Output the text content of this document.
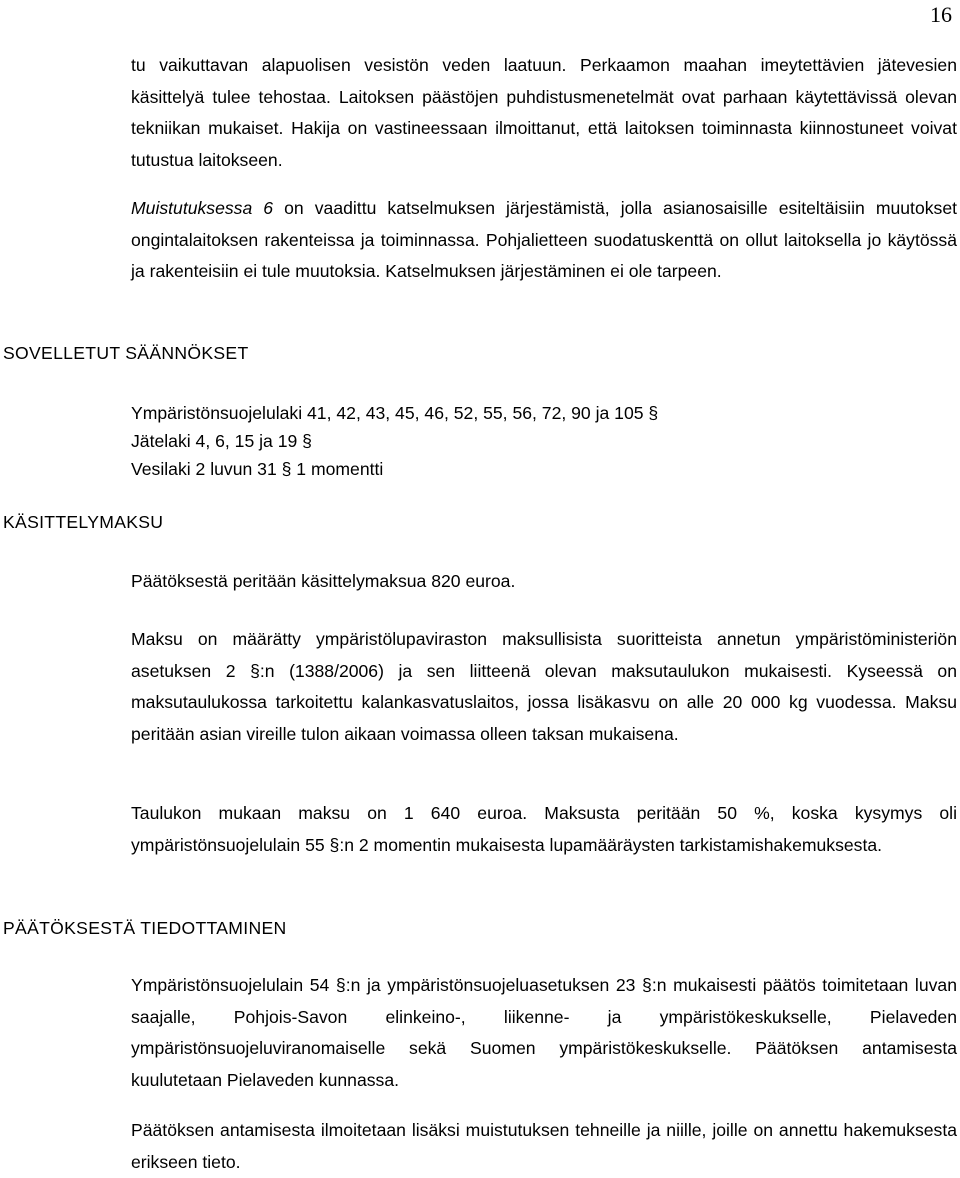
16

tu vaikuttavan alapuolisen vesistön veden laatuun. Perkaamon maahan imeytettävien jätevesien käsittelyä tulee tehostaa. Laitoksen päästöjen puhdistusmenetelmät ovat parhaan käytettävissä olevan tekniikan mukaiset. Hakija on vastineessaan ilmoittanut, että laitoksen toiminnasta kiinnostuneet voivat tutustua laitokseen.

Muistutuksessa 6 on vaadittu katselmuksen järjestämistä, jolla asianosaisille esiteltäisiin muutokset ongintalaitoksen rakenteissa ja toiminnassa. Pohjalietteen suodatuskenttä on ollut laitoksella jo käytössä ja rakenteisiin ei tule muutoksia. Katselmuksen järjestäminen ei ole tarpeen.

SOVELLETUT SÄÄNNÖKSET
Ympäristönsuojelulaki 41, 42, 43, 45, 46, 52, 55, 56, 72, 90 ja 105 §
Jätelaki 4, 6, 15 ja 19 §
Vesilaki 2 luvun 31 § 1 momentti
KÄSITTELYMAKSU

Päätöksestä peritään käsittelymaksua 820 euroa.

Maksu on määrätty ympäristölupaviraston maksullisista suoritteista annetun ympäristöministeriön asetuksen 2 §:n (1388/2006) ja sen liitteenä olevan maksutaulukon mukaisesti. Kyseessä on maksutaulukossa tarkoitettu kalankasvatuslaitos, jossa lisäkasvu on alle 20 000 kg vuodessa. Maksu peritään asian vireille tulon aikaan voimassa olleen taksan mukaisena.

Taulukon mukaan maksu on 1 640 euroa. Maksusta peritään 50 %, koska kysymys oli ympäristönsuojelulain 55 §:n 2 momentin mukaisesta lupamääräysten tarkistamishakemuksesta.

PÄÄTÖKSESTÄ TIEDOTTAMINEN

Ympäristönsuojelulain 54 §:n ja ympäristönsuojeluasetuksen 23 §:n mukaisesti päätös toimitetaan luvan saajalle, Pohjois-Savon elinkeino-, liikenne- ja ympäristökeskukselle, Pielaveden ympäristönsuojeluviranomaiselle sekä Suomen ympäristökeskukselle. Päätöksen antamisesta kuulutetaan Pielaveden kunnassa.

Päätöksen antamisesta ilmoitetaan lisäksi muistutuksen tehneille ja niille, joille on annettu hakemuksesta erikseen tieto.
